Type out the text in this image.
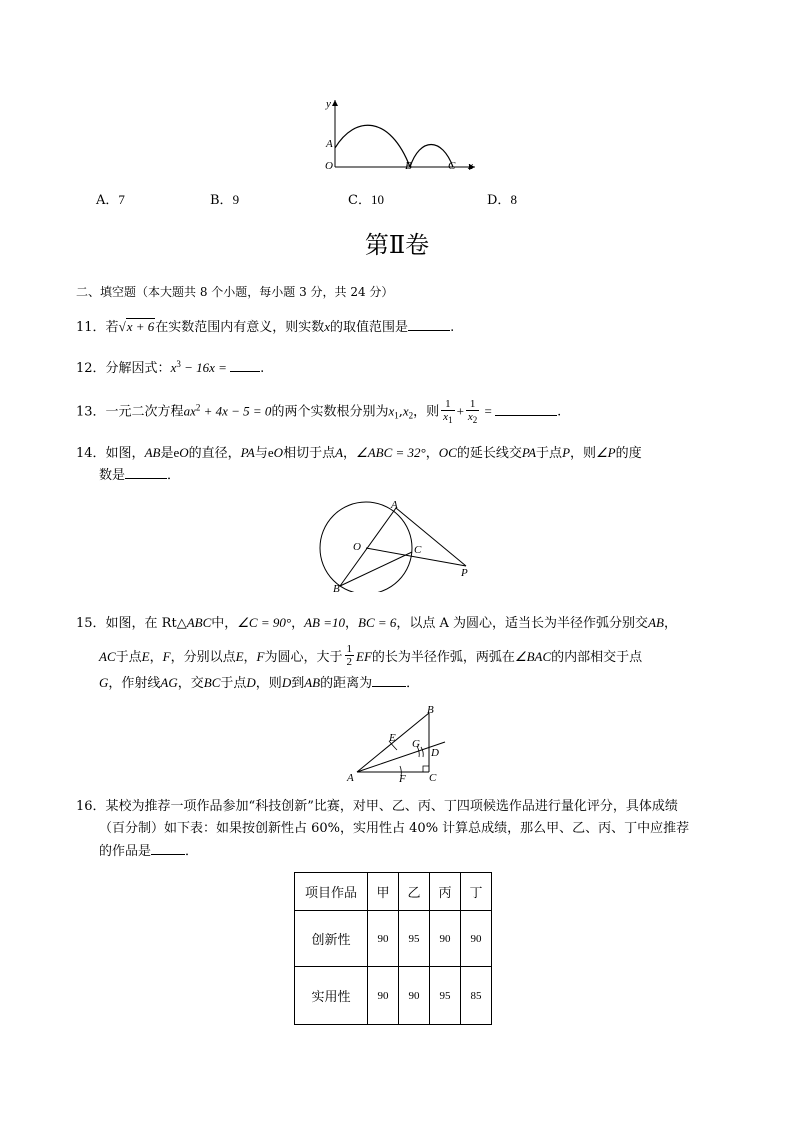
y
x
A
O	B	C
A．7	B．9	C．10	D．8
第Ⅱ卷
二、填空题（本大题共 8 个小题，每小题 3 分，共 24 分）
11．若√x + 6在实数范围内有意义，则实数x的取值范围是	.
12．分解因式：$x^3 - 16x$ = .
13．一元二次方程$ax^2 + 4x - 5 = 0$的两个实数根分别为$x_1,x_2$，则 $\frac{1}{x_1} + \frac{1}{x_2}$ =	.
14．如图，AB是eO的直径，PA与eO相切于点A，∠ABC = 32°，OC的延长线交PA于点P，则∠P的度
数是	．
A
O	C
B
P
15．如图，在 Rt△ABC中，∠C = 90°，AB =10，BC = 6，以点 A 为圆心，适当长为半径作弧分别交AB，
AC于点E，F，分别以点E，F为圆心，大于 $\frac{1}{2}$ EF的长为半径作弧，两弧在∠BAC的内部相交于点
G，作射线AG，交BC于点D，则D到AB的距离为	．
B
E G
D
A	F C
16．某校为推荐一项作品参加“科技创新”比赛，对甲、乙、丙、丁四项候选作品进行量化评分，具体成绩
（百分制）如下表：如果按创新性占 60%，实用性占 40% 计算总成绩，那么甲、乙、丙、丁中应推荐
的作品是	．
项目作品	甲	乙	丙	丁
创新性	90	95	90	90
实用性	90	90	95	85
